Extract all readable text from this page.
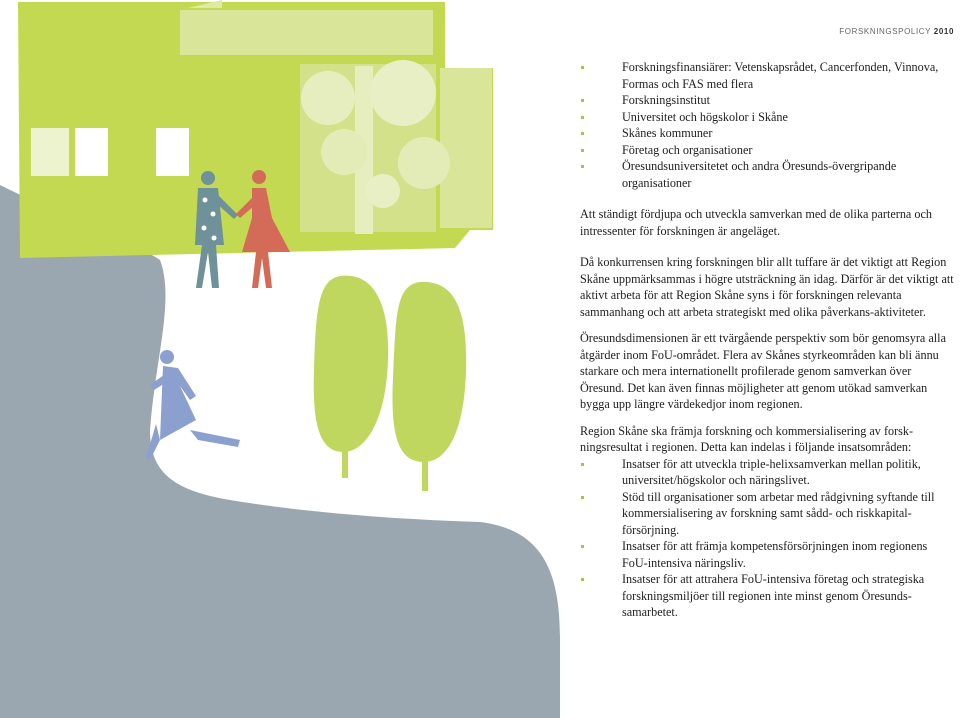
FORSKNINGSPOLICY 2010
Forskningsfinansiärer: Vetenskapsrådet, Cancerfonden, Vinnova, Formas och FAS med flera
Forskningsinstitut
Universitet och högskolor i Skåne
Skånes kommuner
Företag och organisationer
Öresundsuniversitetet och andra Öresunds-övergripande organisationer

Att ständigt fördjupa och utveckla samverkan med de olika parterna och intressenter för forskningen är angeläget.

Då konkurrensen kring forskningen blir allt tuffare är det viktigt att Region Skåne uppmärksammas i högre utsträckning än idag. Därför är det viktigt att aktivt arbeta för att Region Skåne syns i för forskningen relevanta sammanhang och att arbeta strategiskt med olika påverkans-aktiviteter.

Öresundsdimensionen är ett tvärgående perspektiv som bör genomsyra alla åtgärder inom FoU-området. Flera av Skånes styrkeområden kan bli ännu starkare och mera internationellt profilerade genom samverkan över Öresund. Det kan även finnas möjligheter att genom utökad samverkan bygga upp längre värdekedjor inom regionen.

Region Skåne ska främja forskning och kommersialisering av forsk-ningsresultat i regionen. Detta kan indelas i följande insatsområden:

Insatser för att utveckla triple-helixsamverkan mellan politik, universitet/högskolor och näringslivet.
Stöd till organisationer som arbetar med rådgivning syftande till kommersialisering av forskning samt sådd- och riskkapital-försörjning.
Insatser för att främja kompetensförsörjningen inom regionens FoU-intensiva näringsliv.
Insatser för att attrahera FoU-intensiva företag och strategiska forskningsmiljöer till regionen inte minst genom Öresunds-samarbetet.
